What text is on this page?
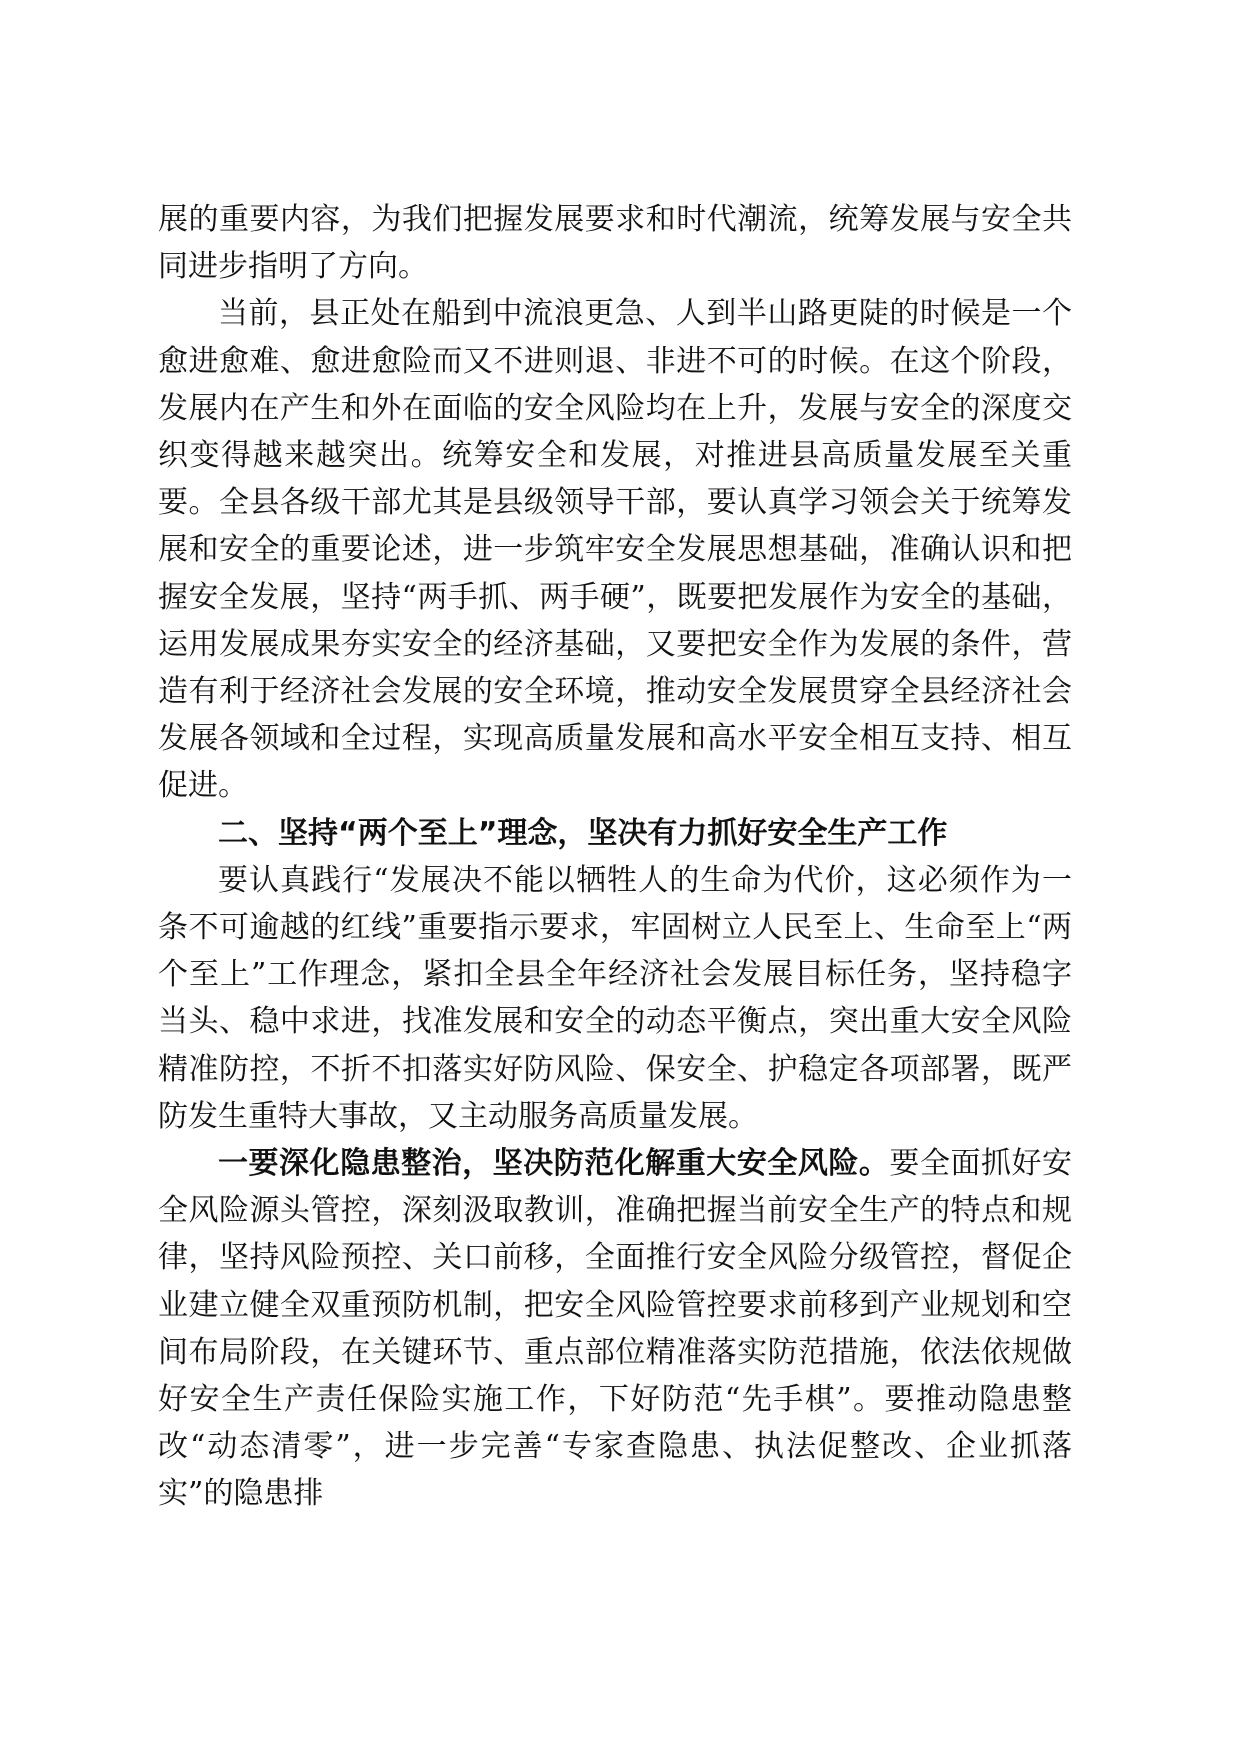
展的重要内容，为我们把握发展要求和时代潮流，统筹发展与安全共同进步指明了方向。

当前，县正处在船到中流浪更急、人到半山路更陡的时候是一个愈进愈难、愈进愈险而又不进则退、非进不可的时候。在这个阶段，发展内在产生和外在面临的安全风险均在上升，发展与安全的深度交织变得越来越突出。统筹安全和发展，对推进县高质量发展至关重要。全县各级干部尤其是县级领导干部，要认真学习领会关于统筹发展和安全的重要论述，进一步筑牢安全发展思想基础，准确认识和把握安全发展，坚持“两手抓、两手硬”，既要把发展作为安全的基础，运用发展成果夯实安全的经济基础，又要把安全作为发展的条件，营造有利于经济社会发展的安全环境，推动安全发展贯穿全县经济社会发展各领域和全过程，实现高质量发展和高水平安全相互支持、相互促进。

二、坚持“两个至上”理念，坚决有力抓好安全生产工作

要认真践行“发展决不能以牺牲人的生命为代价，这必须作为一条不可逾越的红线”重要指示要求，牢固树立人民至上、生命至上“两个至上”工作理念，紧扣全县全年经济社会发展目标任务，坚持稳字当头、稳中求进，找准发展和安全的动态平衡点，突出重大安全风险精准防控，不折不扣落实好防风险、保安全、护稳定各项部署，既严防发生重特大事故，又主动服务高质量发展。

一要深化隐患整治，坚决防范化解重大安全风险。要全面抓好安全风险源头管控，深刻汲取教训，准确把握当前安全生产的特点和规律，坚持风险预控、关口前移，全面推行安全风险分级管控，督促企业建立健全双重预防机制，把安全风险管控要求前移到产业规划和空间布局阶段，在关键环节、重点部位精准落实防范措施，依法依规做好安全生产责任保险实施工作，下好防范“先手棋”。要推动隐患整改“动态清零”，进一步完善“专家查隐患、执法促整改、企业抓落实”的隐患排
